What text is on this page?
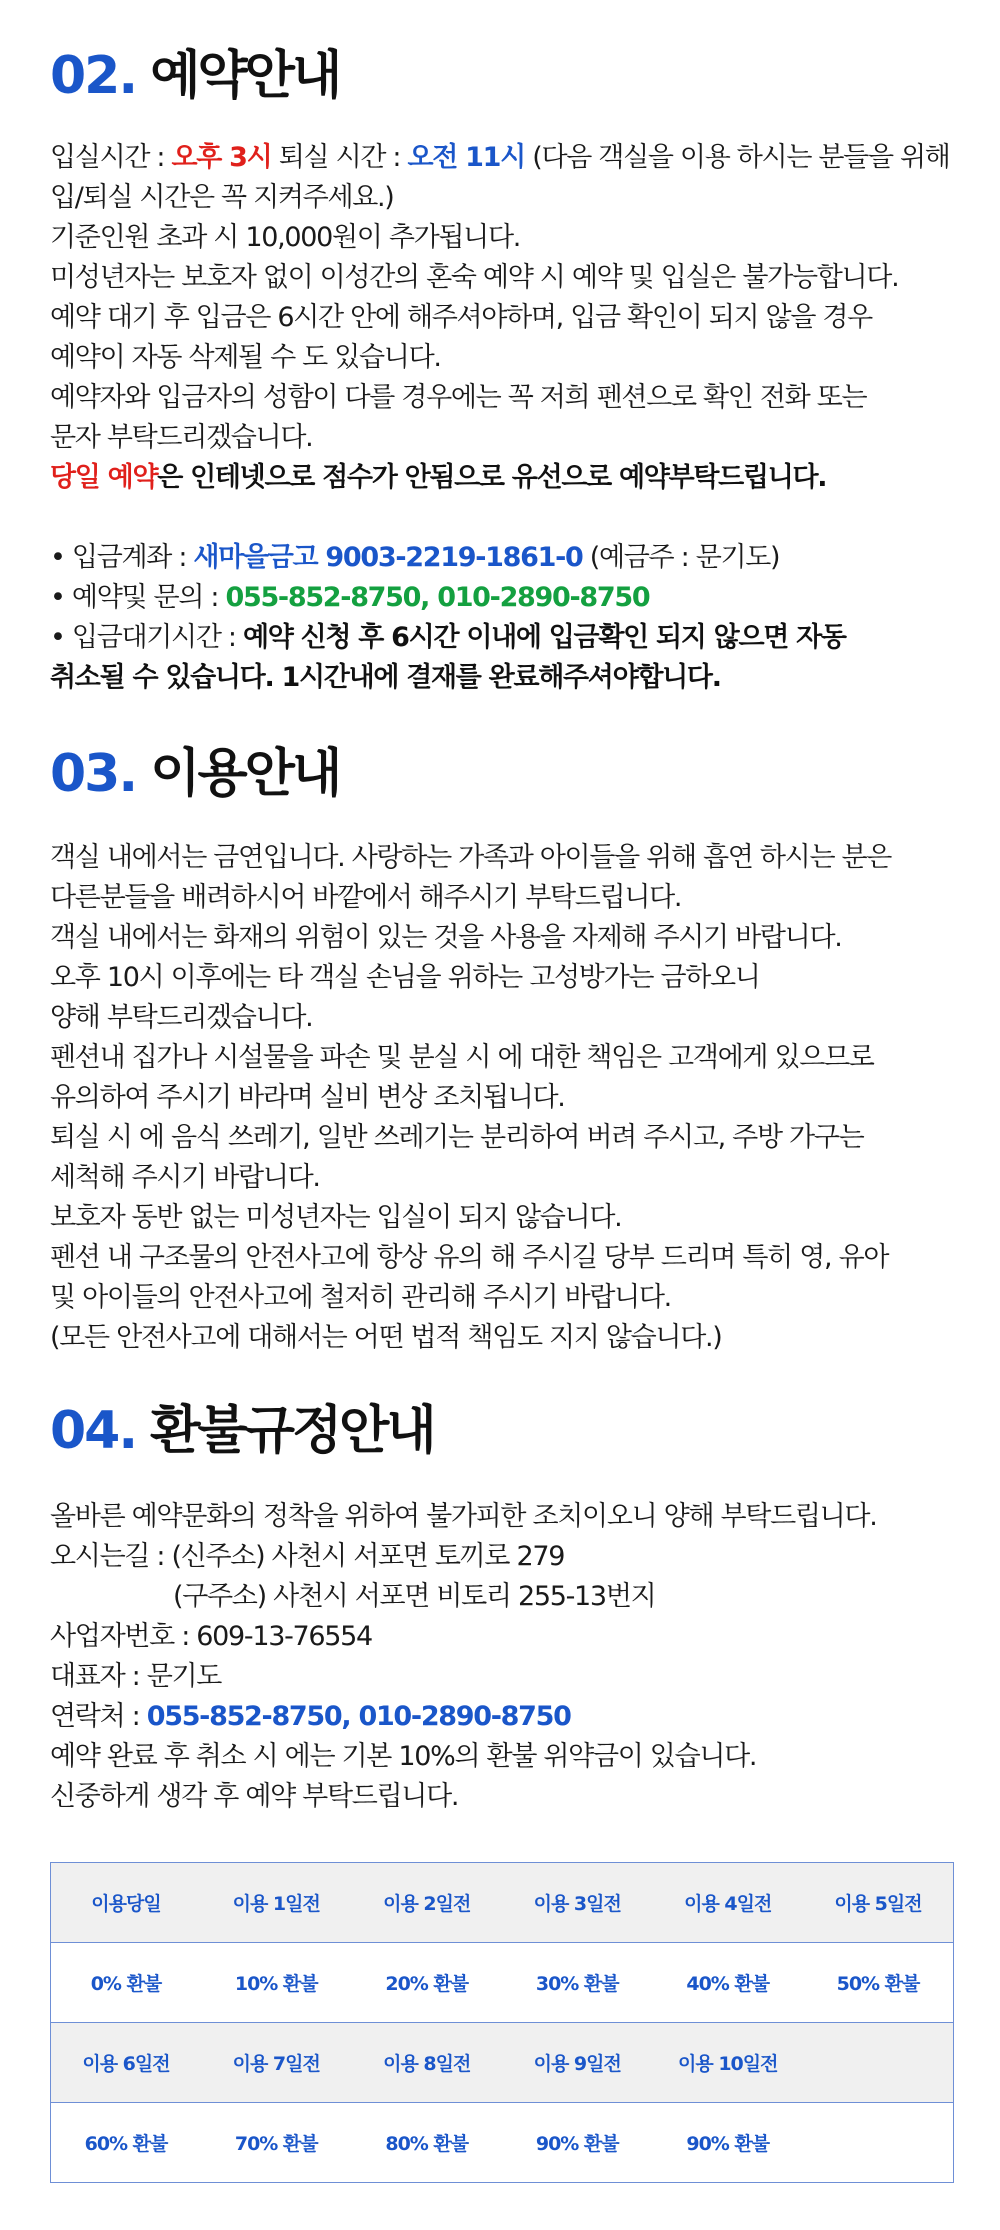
02. 예약안내

입실시간 : 오후 3시 퇴실 시간 : 오전 11시 (다음 객실을 이용 하시는 분들을 위해

입/퇴실 시간은 꼭 지켜주세요.)

기준인원 초과 시 10,000원이 추가됩니다.

미성년자는 보호자 없이 이성간의 혼숙 예약 시 예약 및 입실은 불가능합니다.

예약 대기 후 입금은 6시간 안에 해주셔야하며, 입금 확인이 되지 않을 경우

예약이 자동 삭제될 수 도 있습니다.

예약자와 입금자의 성함이 다를 경우에는 꼭 저희 펜션으로 확인 전화 또는

문자 부탁드리겠습니다.

당일 예약은 인테넷으로 점수가 안됨으로 유선으로 예약부탁드립니다.

• 입금계좌 : 새마을금고 9003-2219-1861-0 (예금주 : 문기도)

• 예약및 문의 : 055-852-8750, 010-2890-8750

• 입금대기시간 : 예약 신청 후 6시간 이내에 입금확인 되지 않으면 자동

취소될 수 있습니다. 1시간내에 결재를 완료해주셔야합니다.

03. 이용안내

객실 내에서는 금연입니다. 사랑하는 가족과 아이들을 위해 흡연 하시는 분은

다른분들을 배려하시어 바깥에서 해주시기 부탁드립니다.

객실 내에서는 화재의 위험이 있는 것을 사용을 자제해 주시기 바랍니다.

오후 10시 이후에는 타 객실 손님을 위하는 고성방가는 금하오니

양해 부탁드리겠습니다.

펜션내 집가나 시설물을 파손 및 분실 시 에 대한 책임은 고객에게 있으므로

유의하여 주시기 바라며 실비 변상 조치됩니다.

퇴실 시 에 음식 쓰레기, 일반 쓰레기는 분리하여 버려 주시고, 주방 가구는

세척해 주시기 바랍니다.

보호자 동반 없는 미성년자는 입실이 되지 않습니다.

펜션 내 구조물의 안전사고에 항상 유의 해 주시길 당부 드리며 특히 영, 유아

및 아이들의 안전사고에 철저히 관리해 주시기 바랍니다.

(모든 안전사고에 대해서는 어떤 법적 책임도 지지 않습니다.)

04. 환불규정안내

올바른 예약문화의 정착을 위하여 불가피한 조치이오니 양해 부탁드립니다.

오시는길 : (신주소) 사천시 서포면 토끼로 279

(구주소) 사천시 서포면 비토리 255-13번지

사업자번호 : 609-13-76554

대표자 : 문기도

연락처 : 055-852-8750, 010-2890-8750

예약 완료 후 취소 시 에는 기본 10%의 환불 위약금이 있습니다.

신중하게 생각 후 예약 부탁드립니다.

이용당일	이용 1일전	이용 2일전	이용 3일전	이용 4일전	이용 5일전
0% 환불	10% 환불	20% 환불	30% 환불	40% 환불	50% 환불
이용 6일전	이용 7일전	이용 8일전	이용 9일전	이용 10일전	
60% 환불	70% 환불	80% 환불	90% 환불	90% 환불	
